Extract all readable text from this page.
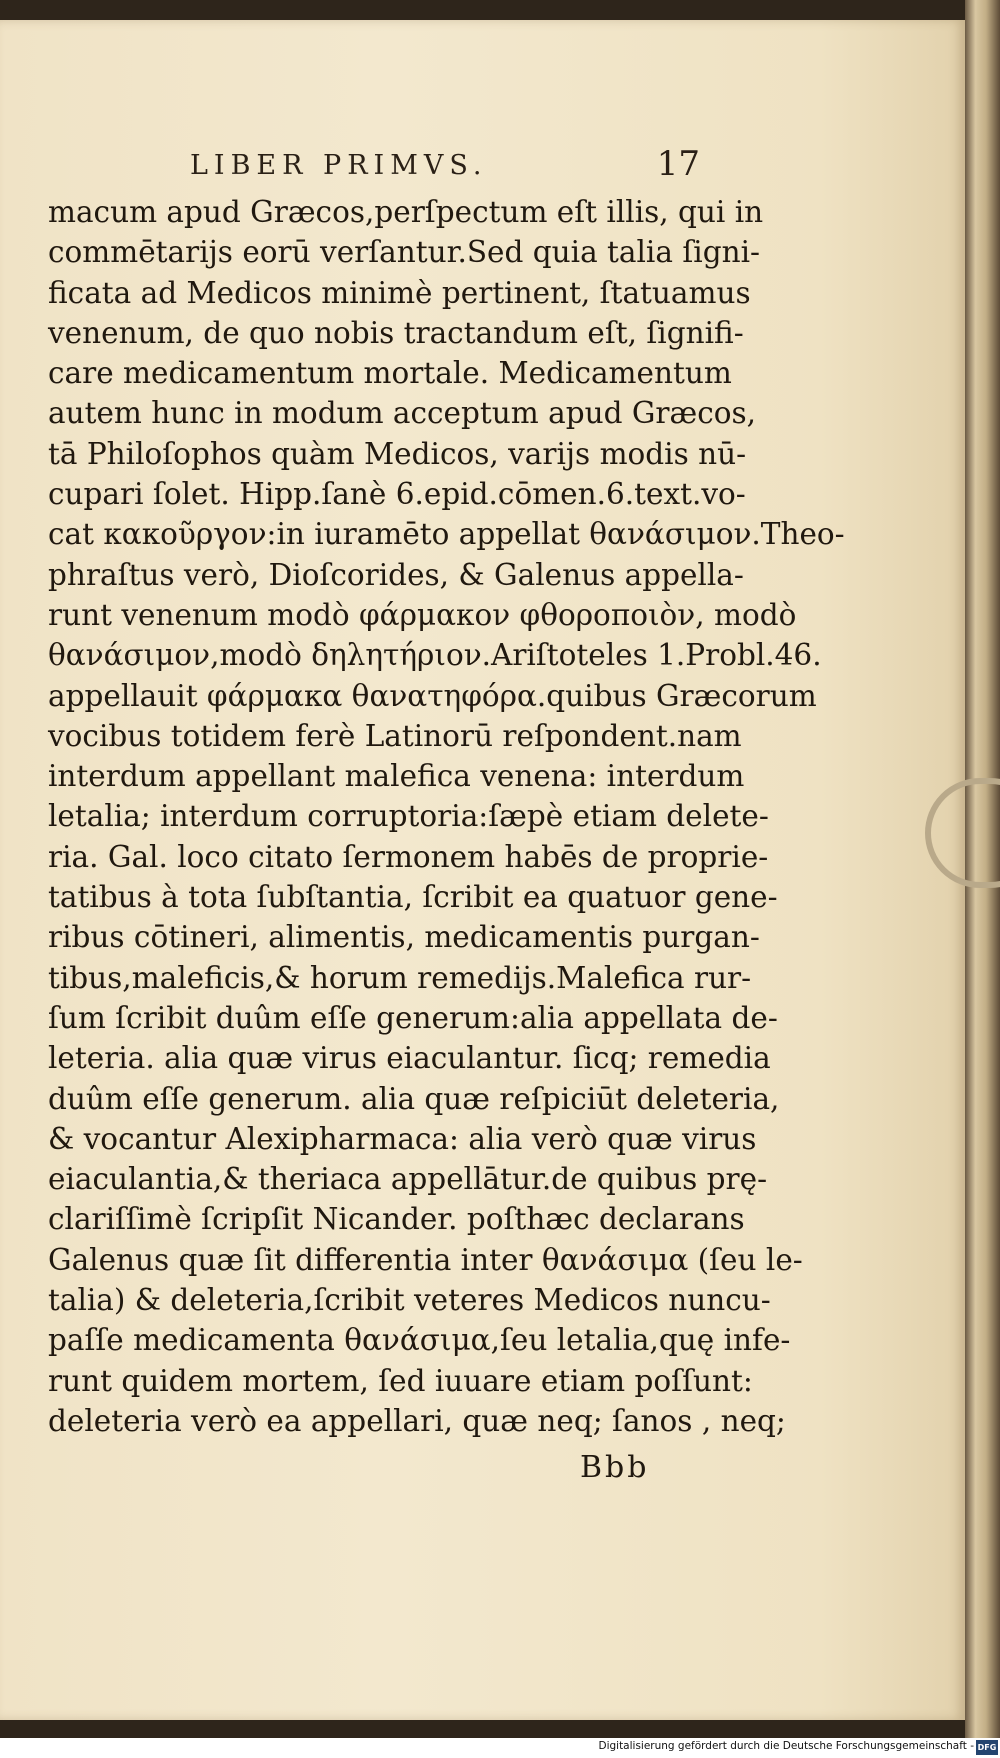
LIBER PRIMVS.	17
macum apud Græcos,perſpectum eſt illis, qui in
commētarijs eorū verſantur.Sed quia talia ſigni-
ficata ad Medicos minimè pertinent, ſtatuamus
venenum, de quo nobis tractandum eſt, ſignifi-
care medicamentum mortale. Medicamentum
autem hunc in modum acceptum apud Græcos,
tā Philoſophos quàm Medicos, varijs modis nū-
cupari ſolet. Hipp.ſanè 6.epid.cōmen.6.text.vo-
cat κακοῦργον:in iuramēto appellat θανάσιμον.Theo-
phraſtus verò, Dioſcorides, & Galenus appella-
runt venenum modò φάρμακον φθοροποιὸν, modò
θανάσιμον,modò δηλητήριον.Ariſtoteles 1.Probl.46.
appellauit φάρμακα θανατηφόρα.quibus Græcorum
vocibus totidem ferè Latinorū reſpondent.nam
interdum appellant malefica venena: interdum
letalia; interdum corruptoria:ſæpè etiam delete-
ria. Gal. loco citato ſermonem habēs de proprie-
tatibus à tota ſubſtantia, ſcribit ea quatuor gene-
ribus cōtineri, alimentis, medicamentis purgan-
tibus,maleficis,& horum remedijs.Malefica rur-
ſum ſcribit duûm eſſe generum:alia appellata de-
leteria. alia quæ virus eiaculantur. ſicq; remedia
duûm eſſe generum. alia quæ reſpiciūt deleteria,
& vocantur Alexipharmaca: alia verò quæ virus
eiaculantia,& theriaca appellātur.de quibus prę-
clariſſimè ſcripſit Nicander. poſthæc declarans
Galenus quæ ſit differentia inter θανάσιμα (ſeu le-
talia) & deleteria,ſcribit veteres Medicos nuncu-
paſſe medicamenta θανάσιμα,ſeu letalia,quę infe-
runt quidem mortem, ſed iuuare etiam poſſunt:
deleteria verò ea appellari, quæ neq; ſanos , neq;
Bbb
Digitalisierung gefördert durch die Deutsche Forschungsgemeinschaft - DFG
